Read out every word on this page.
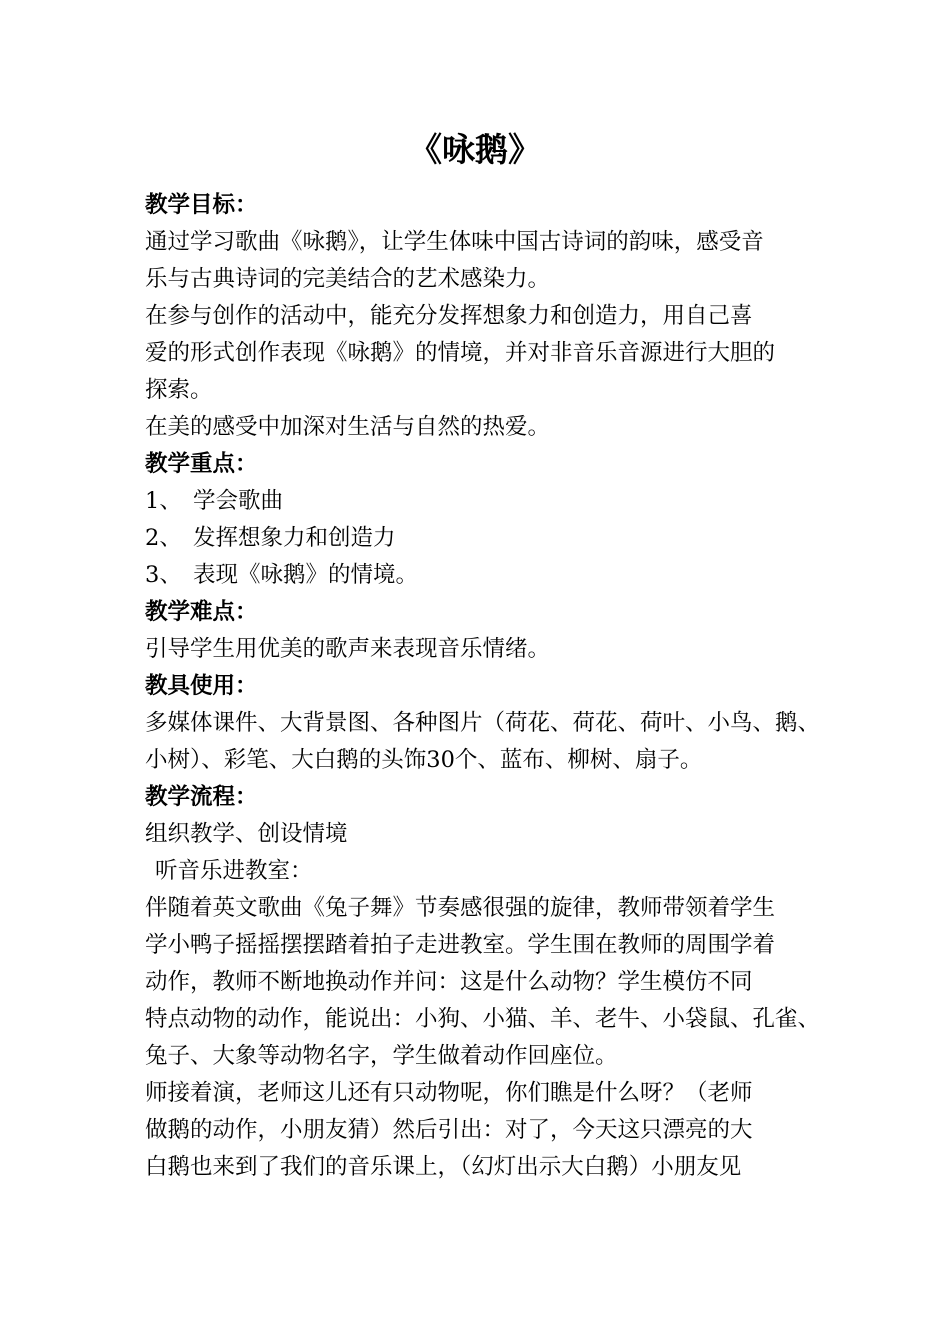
《咏鹅》
教学目标：
通过学习歌曲《咏鹅》，让学生体味中国古诗词的韵味，感受音
乐与古典诗词的完美结合的艺术感染力。
在参与创作的活动中，能充分发挥想象力和创造力，用自己喜
爱的形式创作表现《咏鹅》的情境，并对非音乐音源进行大胆的
探索。
在美的感受中加深对生活与自然的热爱。
教学重点：
1、 学会歌曲
2、 发挥想象力和创造力
3、 表现《咏鹅》的情境。
教学难点：
引导学生用优美的歌声来表现音乐情绪。
教具使用：
多媒体课件、大背景图、各种图片（荷花、荷花、荷叶、小鸟、鹅、
小树）、彩笔、大白鹅的头饰30个、蓝布、柳树、扇子。
教学流程：
组织教学、创设情境
听音乐进教室：
伴随着英文歌曲《兔子舞》节奏感很强的旋律，教师带领着学生
学小鸭子摇摇摆摆踏着拍子走进教室。学生围在教师的周围学着
动作，教师不断地换动作并问：这是什么动物？学生模仿不同
特点动物的动作，能说出：小狗、小猫、羊、老牛、小袋鼠、孔雀、
兔子、大象等动物名字，学生做着动作回座位。
师接着演，老师这儿还有只动物呢，你们瞧是什么呀？（老师
做鹅的动作，小朋友猜）然后引出：对了，今天这只漂亮的大
白鹅也来到了我们的音乐课上，（幻灯出示大白鹅）小朋友见
